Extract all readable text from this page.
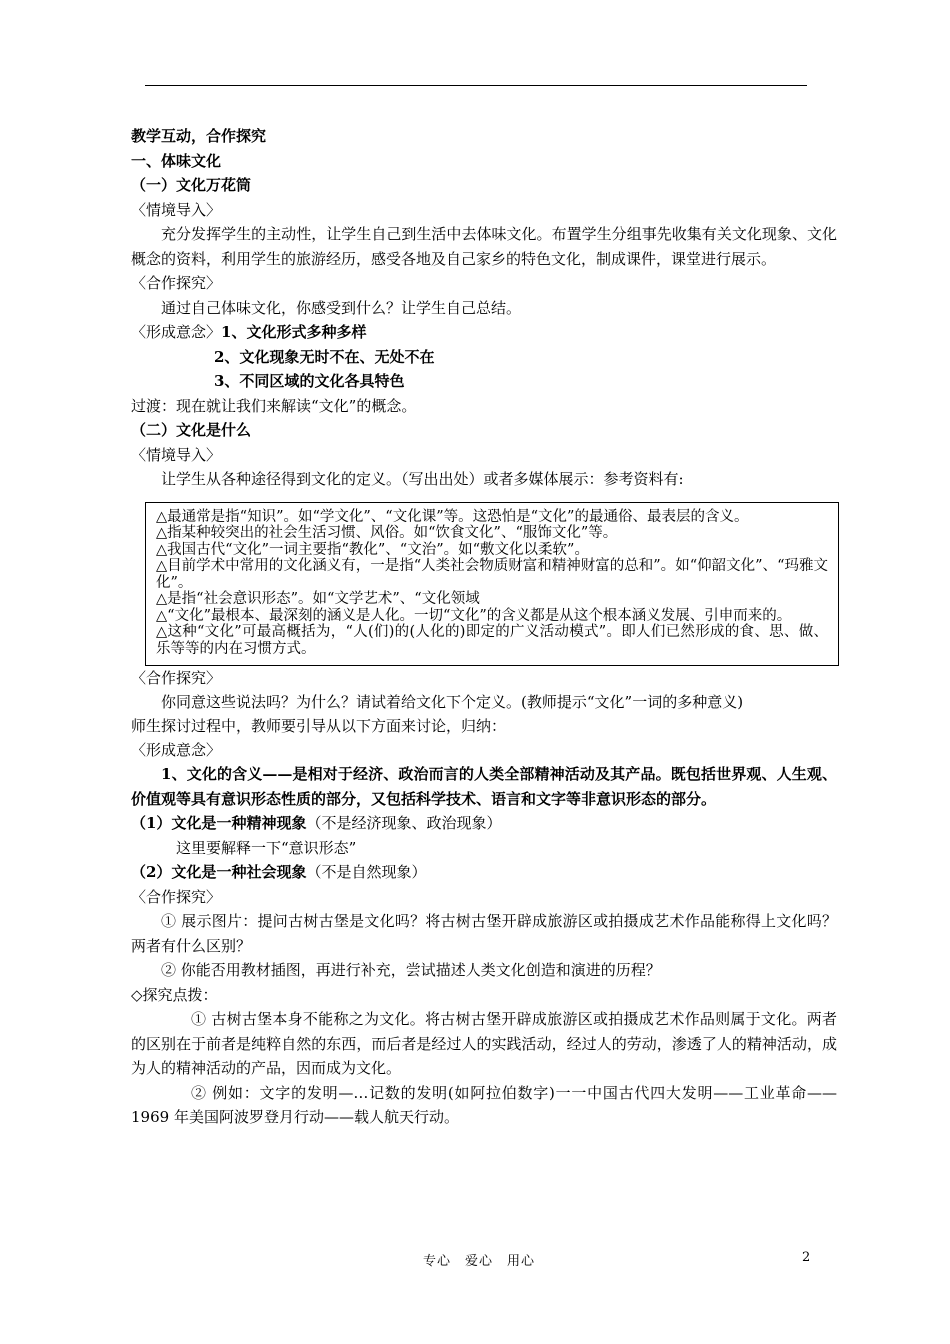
教学互动，合作探究
一、体味文化
（一）文化万花筒
〈情境导入〉
充分发挥学生的主动性，让学生自己到生活中去体味文化。布置学生分组事先收集有关文化现象、文化概念的资料，利用学生的旅游经历，感受各地及自己家乡的特色文化，制成课件，课堂进行展示。
〈合作探究〉
通过自己体味文化，你感受到什么？让学生自己总结。
〈形成意念〉1、文化形式多种多样
2、文化现象无时不在、无处不在
3、不同区域的文化各具特色
过渡：现在就让我们来解读“文化”的概念。
（二）文化是什么
〈情境导入〉
让学生从各种途径得到文化的定义。（写出出处）或者多媒体展示：参考资料有:
△最通常是指“知识”。如“学文化”、“文化课”等。这恐怕是“文化”的最通俗、最表层的含义。
△指某种较突出的社会生活习惯、风俗。如“饮食文化”、“服饰文化”等。
△我国古代“文化”一词主要指“教化”、“文治”。如“敷文化以柔软”。
△目前学术中常用的文化涵义有，一是指“人类社会物质财富和精神财富的总和”。如“仰韶文化”、“玛雅文化”。
△是指“社会意识形态”。如“文学艺术”、“文化领域
△“文化”最根本、最深刻的涵义是人化。一切“文化”的含义都是从这个根本涵义发展、引申而来的。
△这种“文化”可最高概括为，“人(们)的(人化的)即定的广义活动模式”。即人们已然形成的食、思、做、乐等等的内在习惯方式。
〈合作探究〉
你同意这些说法吗？为什么？请试着给文化下个定义。(教师提示“文化”一词的多种意义)
师生探讨过程中，教师要引导从以下方面来讨论，归纳：
〈形成意念〉
1、文化的含义——是相对于经济、政治而言的人类全部精神活动及其产品。既包括世界观、人生观、价值观等具有意识形态性质的部分，又包括科学技术、语言和文字等非意识形态的部分。
（1）文化是一种精神现象（不是经济现象、政治现象）
这里要解释一下“意识形态”
（2）文化是一种社会现象（不是自然现象）
〈合作探究〉
① 展示图片：提问古树古堡是文化吗？将古树古堡开辟成旅游区或拍摄成艺术作品能称得上文化吗？两者有什么区别？
② 你能否用教材插图，再进行补充，尝试描述人类文化创造和演进的历程？
◇探究点拨：
① 古树古堡本身不能称之为文化。将古树古堡开辟成旅游区或拍摄成艺术作品则属于文化。两者的区别在于前者是纯粹自然的东西，而后者是经过人的实践活动，经过人的劳动，渗透了人的精神活动，成为人的精神活动的产品，因而成为文化。
② 例如：文字的发明—…记数的发明(如阿拉伯数字)一一中国古代四大发明——工业革命——1969 年美国阿波罗登月行动——载人航天行动。
专心　爱心　用心	2
